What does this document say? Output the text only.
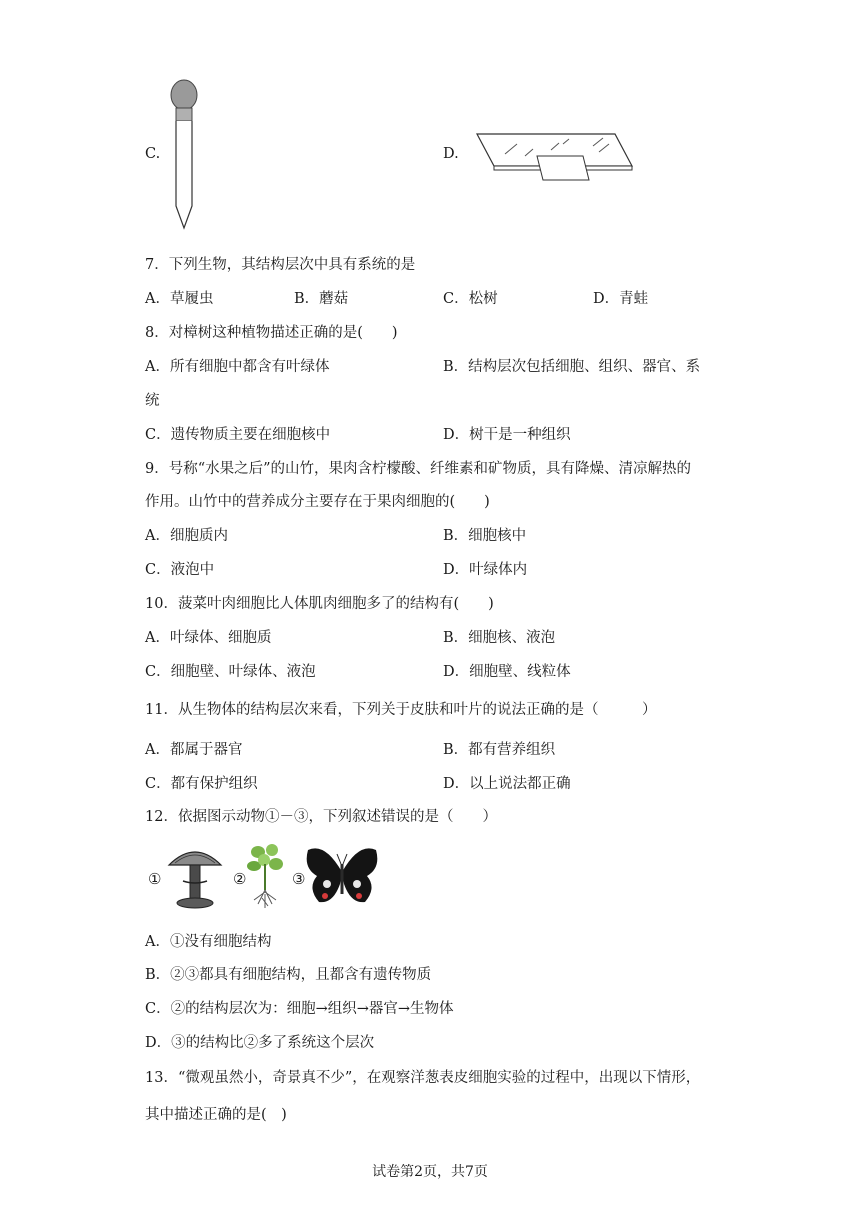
C.	D.
7．下列生物，其结构层次中具有系统的是
A．草履虫	B．蘑菇	C．松树	D．青蛙
8．对樟树这种植物描述正确的是(　　)
A．所有细胞中都含有叶绿体	B．结构层次包括细胞、组织、器官、系
统
C．遗传物质主要在细胞核中	D．树干是一种组织
9．号称“水果之后”的山竹，果肉含柠檬酸、纤维素和矿物质，具有降燥、清凉解热的
作用。山竹中的营养成分主要存在于果肉细胞的(　　)
A．细胞质内	B．细胞核中
C．液泡中	D．叶绿体内
10．菠菜叶肉细胞比人体肌肉细胞多了的结构有(　　)
A．叶绿体、细胞质	B．细胞核、液泡
C．细胞壁、叶绿体、液泡	D．细胞壁、线粒体
11．从生物体的结构层次来看，下列关于皮肤和叶片的说法正确的是（　　　）
A．都属于器官	B．都有营养组织
C．都有保护组织	D．以上说法都正确
12．依据图示动物①－③，下列叙述错误的是（　　）
①	②	③
A．①没有细胞结构
B．②③都具有细胞结构，且都含有遗传物质
C．②的结构层次为：细胞→组织→器官→生物体
D．③的结构比②多了系统这个层次
13．“微观虽然小，奇景真不少”，在观察洋葱表皮细胞实验的过程中，出现以下情形，
其中描述正确的是(　)
试卷第2页，共7页
